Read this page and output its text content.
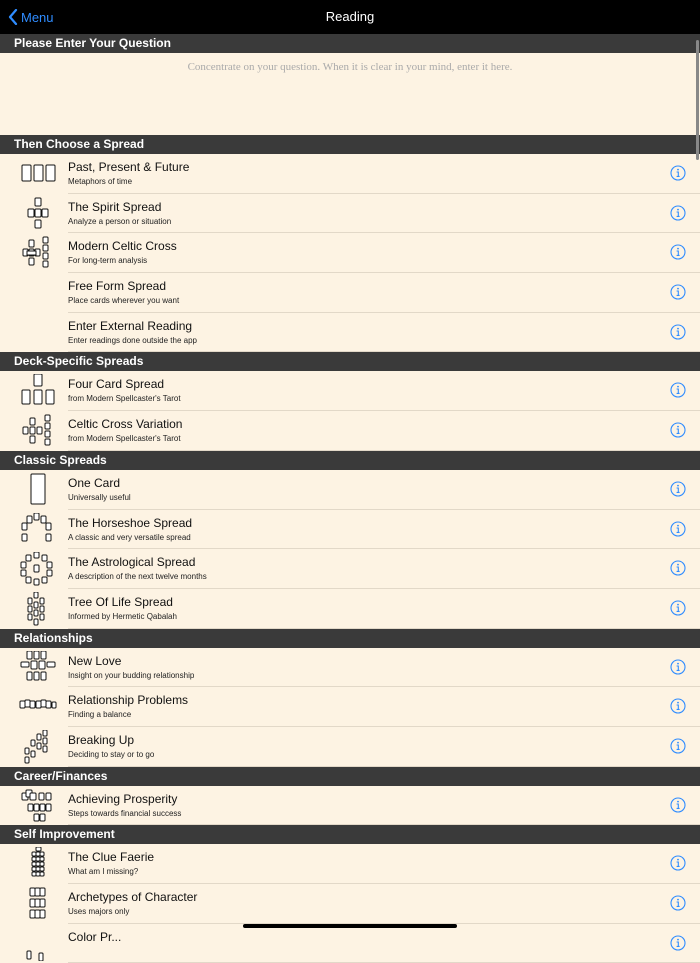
Menu	Reading
Please Enter Your Question
Concentrate on your question. When it is clear in your mind, enter it here.
Then Choose a Spread
Past, Present & Future
Metaphors of time
The Spirit Spread
Analyze a person or situation
Modern Celtic Cross
For long-term analysis
Free Form Spread
Place cards wherever you want
Enter External Reading
Enter readings done outside the app
Deck-Specific Spreads
Four Card Spread
from Modern Spellcaster's Tarot
Celtic Cross Variation
from Modern Spellcaster's Tarot
Classic Spreads
One Card
Universally useful
The Horseshoe Spread
A classic and very versatile spread
The Astrological Spread
A description of the next twelve months
Tree Of Life Spread
Informed by Hermetic Qabalah
Relationships
New Love
Insight on your budding relationship
Relationship Problems
Finding a balance
Breaking Up
Deciding to stay or to go
Career/Finances
Achieving Prosperity
Steps towards financial success
Self Improvement
The Clue Faerie
What am I missing?
Archetypes of Character
Uses majors only
Color Pr...
